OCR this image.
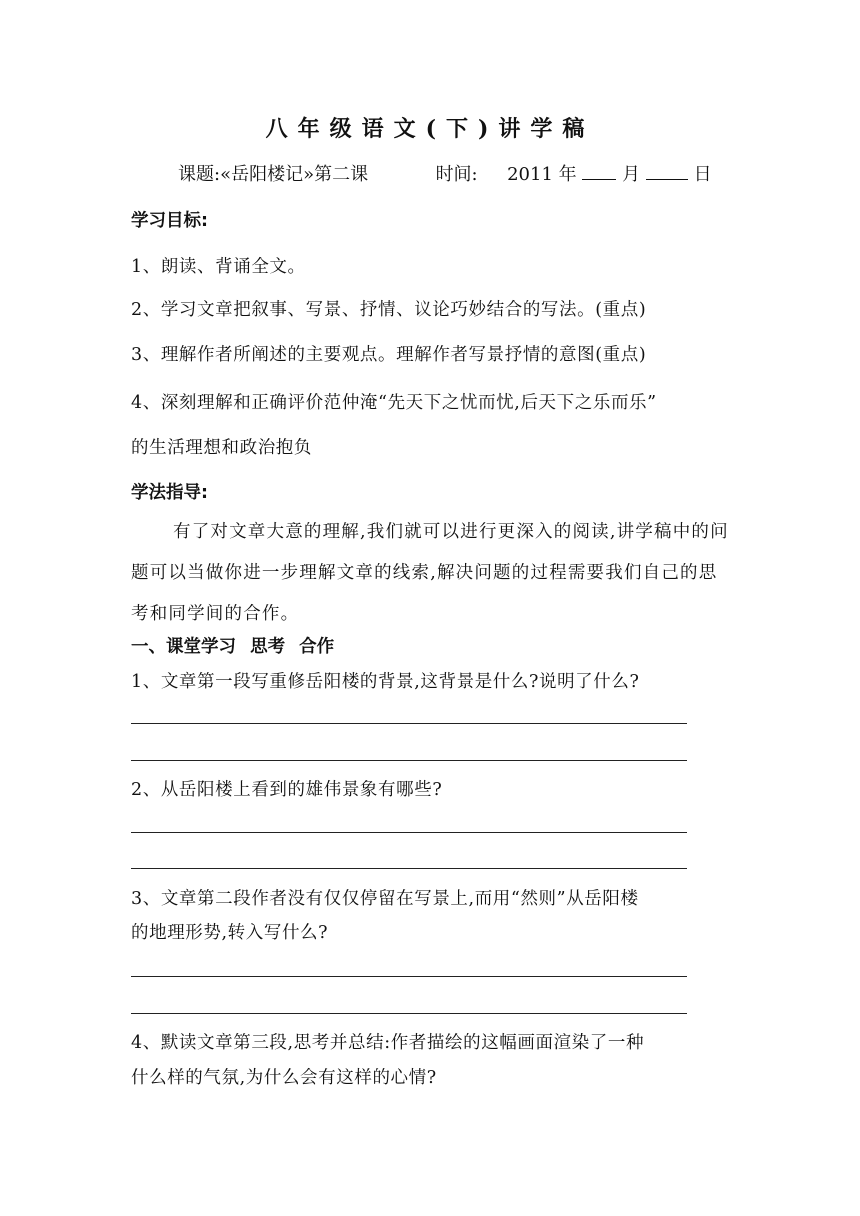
八年级语文(下)讲学稿
课题:«岳阳楼记»第二课	时间: 2011 年	月	日
学习目标:
1、朗读、背诵全文。
2、学习文章把叙事、写景、抒情、议论巧妙结合的写法。(重点)
3、理解作者所阐述的主要观点。理解作者写景抒情的意图(重点)
4、深刻理解和正确评价范仲淹“先天下之忧而忧,后天下之乐而乐”
的生活理想和政治抱负
学法指导:
有了对文章大意的理解,我们就可以进行更深入的阅读,讲学稿中的问题可以当做你进一步理解文章的线索,解决问题的过程需要我们自己的思考和同学间的合作。
一、课堂学习 思考 合作
1、文章第一段写重修岳阳楼的背景,这背景是什么?说明了什么?
2、从岳阳楼上看到的雄伟景象有哪些?
3、文章第二段作者没有仅仅停留在写景上,而用“然则”从岳阳楼
的地理形势,转入写什么?
4、默读文章第三段,思考并总结:作者描绘的这幅画面渲染了一种
什么样的气氛,为什么会有这样的心情?
